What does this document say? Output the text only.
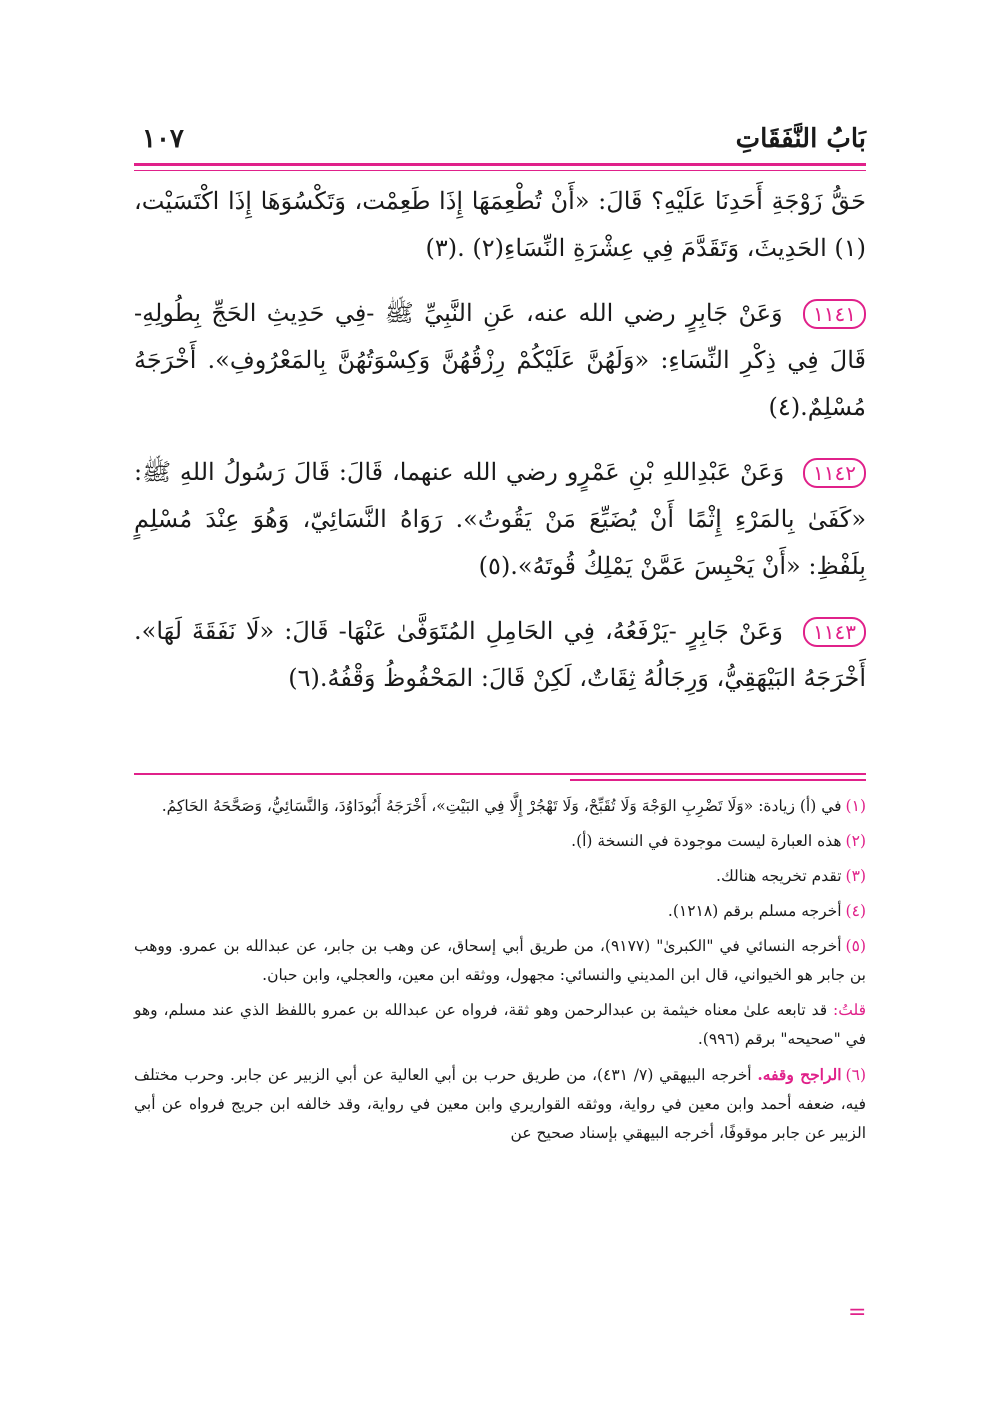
بَابُ النَّفَقَاتِ
١٠٧

حَقُّ زَوْجَةِ أَحَدِنَا عَلَيْهِ؟ قَالَ: «أَنْ تُطْعِمَهَا إِذَا طَعِمْت، وَتَكْسُوَهَا إِذَا اكْتَسَيْت،(١) الحَدِيثَ، وَتَقَدَّمَ فِي عِشْرَةِ النِّسَاءِ(٢) .(٣)

١١٤١ وَعَنْ جَابِرٍ رضي الله عنه، عَنِ النَّبِيِّ ﷺ -فِي حَدِيثِ الحَجِّ بِطُولِهِ- قَالَ فِي ذِكْرِ النِّسَاءِ: «وَلَهُنَّ عَلَيْكُمْ رِزْقُهُنَّ وَكِسْوَتُهُنَّ بِالمَعْرُوفِ». أَخْرَجَهُ مُسْلِمٌ.(٤)

١١٤٢ وَعَنْ عَبْدِاللهِ بْنِ عَمْرٍو رضي الله عنهما، قَالَ: قَالَ رَسُولُ اللهِ ﷺ: «كَفَىٰ بِالمَرْءِ إِثْمًا أَنْ يُضَيِّعَ مَنْ يَقُوتُ». رَوَاهُ النَّسَائِيّ، وَهُوَ عِنْدَ مُسْلِمٍ بِلَفْظِ: «أَنْ يَحْبِسَ عَمَّنْ يَمْلِكُ قُوتَهُ».(٥)

١١٤٣ وَعَنْ جَابِرٍ -يَرْفَعُهُ، فِي الحَامِلِ المُتَوَفَّىٰ عَنْهَا- قَالَ: «لَا نَفَقَةَ لَهَا». أَخْرَجَهُ البَيْهَقِيُّ، وَرِجَالُهُ ثِقَاتٌ، لَكِنْ قَالَ: المَحْفُوظُ وَقْفُهُ.(٦)

(١)في (أ) زيادة: «وَلَا تَضْرِبِ الوَجْهَ وَلَا تُقَبِّحْ، وَلَا تَهْجُرْ إِلَّا فِي البَيْتِ»، أَخْرَجَهُ أَبُودَاوُدَ، وَالنَّسَائِيُّ، وَصَحَّحَهُ الحَاكِمُ.

(٢)هذه العبارة ليست موجودة في النسخة (أ).

(٣)تقدم تخريجه هنالك.

(٤)أخرجه مسلم برقم (١٢١٨).

(٥)أخرجه النسائي في "الكبرىٰ" (٩١٧٧)، من طريق أبي إسحاق، عن وهب بن جابر، عن عبدالله بن عمرو. ووهب بن جابر هو الخيواني، قال ابن المديني والنسائي: مجهول، ووثقه ابن معين، والعجلي، وابن حبان.

قلتُ: قد تابعه علىٰ معناه خيثمة بن عبدالرحمن وهو ثقة، فرواه عن عبدالله بن عمرو باللفظ الذي عند مسلم، وهو في "صحيحه" برقم (٩٩٦).

(٦)الراجح وقفه. أخرجه البيهقي (٧/ ٤٣١)، من طريق حرب بن أبي العالية عن أبي الزبير عن جابر. وحرب مختلف فيه، ضعفه أحمد وابن معين في رواية، ووثقه القواريري وابن معين في رواية، وقد خالفه ابن جريج فرواه عن أبي الزبير عن جابر موقوفًا، أخرجه البيهقي بإسناد صحيح عن

=
